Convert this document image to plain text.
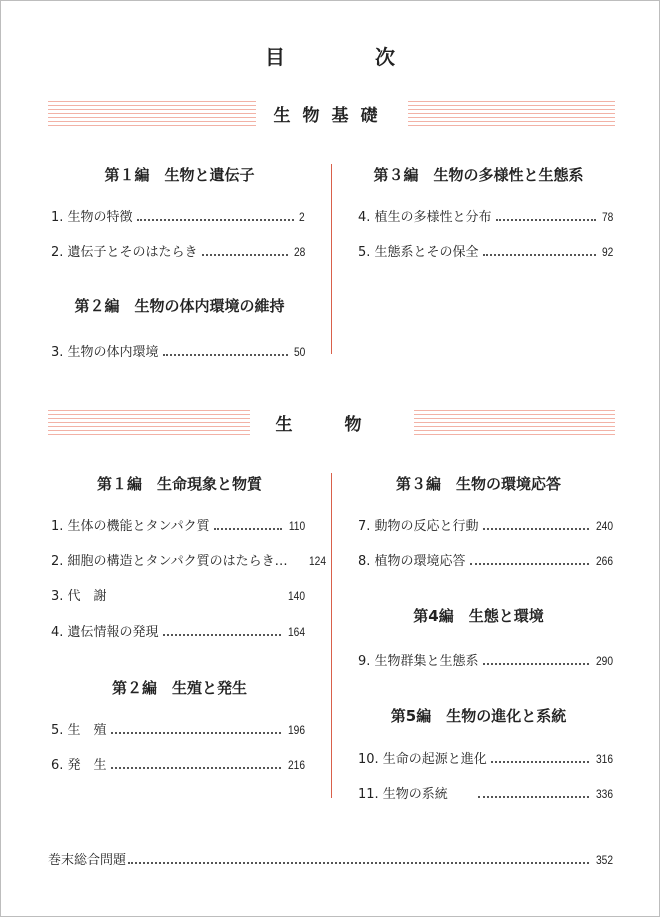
目	次
生物基礎
第１編　生物と遺伝子
1. 生物の特徴	2
2. 遺伝子とそのはたらき	28
第２編　生物の体内環境の維持
3. 生物の体内環境	50
第３編　生物の多様性と生態系
4. 植生の多様性と分布	78
5. 生態系とその保全	92
生物
第１編　生命現象と物質
1. 生体の機能とタンパク質	110
2. 細胞の構造とタンパク質のはたらき… 124
3. 代　謝	140
4. 遺伝情報の発現	164
第２編　生殖と発生
5. 生　殖	196
6. 発　生	216
第３編　生物の環境応答
7. 動物の反応と行動	240
8. 植物の環境応答	266
第4編　生態と環境
9. 生物群集と生態系	290
第5編　生物の進化と系統
10. 生命の起源と進化	316
11. 生物の系統	336
巻末総合問題	352
